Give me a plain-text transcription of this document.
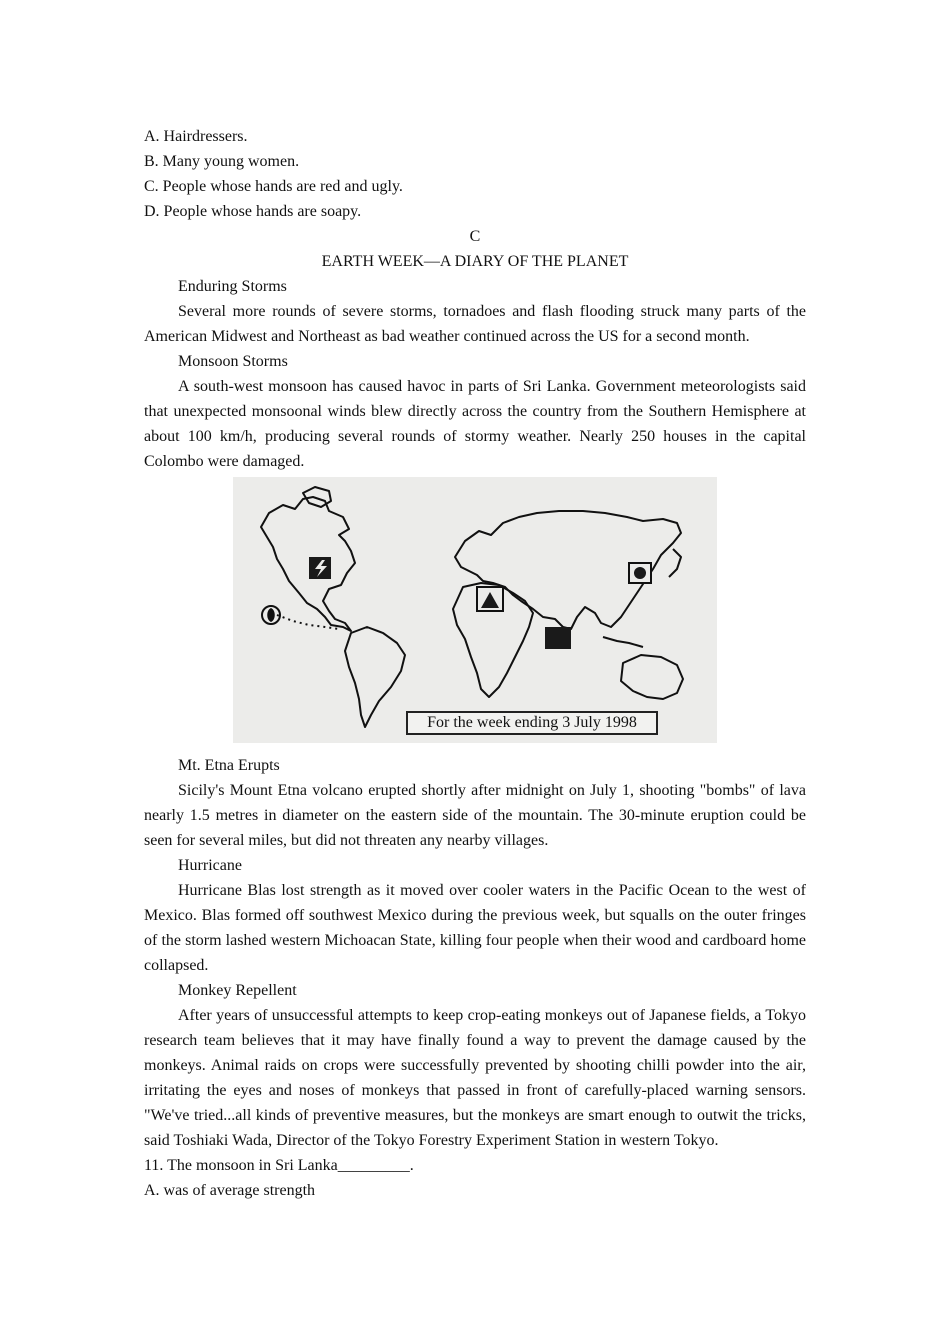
A. Hairdressers.

B. Many young women.

C. People whose hands are red and ugly.

D. People whose hands are soapy.

C

EARTH WEEK—A DIARY OF THE PLANET

Enduring Storms

Several more rounds of severe storms, tornadoes and flash flooding struck many parts of the American Midwest and Northeast as bad weather continued across the US for a second month.

Monsoon Storms

A south-west monsoon has caused havoc in parts of Sri Lanka. Government meteorologists said that unexpected monsoonal winds blew directly across the country from the Southern Hemisphere at about 100 km/h, producing several rounds of stormy weather. Nearly 250 houses in the capital Colombo were damaged.

For the week ending 3 July 1998

Mt. Etna Erupts

Sicily's Mount Etna volcano erupted shortly after midnight on July 1, shooting "bombs" of lava nearly 1.5 metres in diameter on the eastern side of the mountain. The 30-minute eruption could be seen for several miles, but did not threaten any nearby villages.

Hurricane

Hurricane Blas lost strength as it moved over cooler waters in the Pacific Ocean to the west of Mexico. Blas formed off southwest Mexico during the previous week, but squalls on the outer fringes of the storm lashed western Michoacan State, killing four people when their wood and cardboard home collapsed.

Monkey Repellent

After years of unsuccessful attempts to keep crop-eating monkeys out of Japanese fields, a Tokyo research team believes that it may have finally found a way to prevent the damage caused by the monkeys. Animal raids on crops were successfully prevented by shooting chilli powder into the air, irritating the eyes and noses of monkeys that passed in front of carefully-placed warning sensors. "We've tried...all kinds of preventive measures, but the monkeys are smart enough to outwit the tricks, said Toshiaki Wada, Director of the Tokyo Forestry Experiment Station in western Tokyo.

11. The monsoon in Sri Lanka_________.

A. was of average strength
